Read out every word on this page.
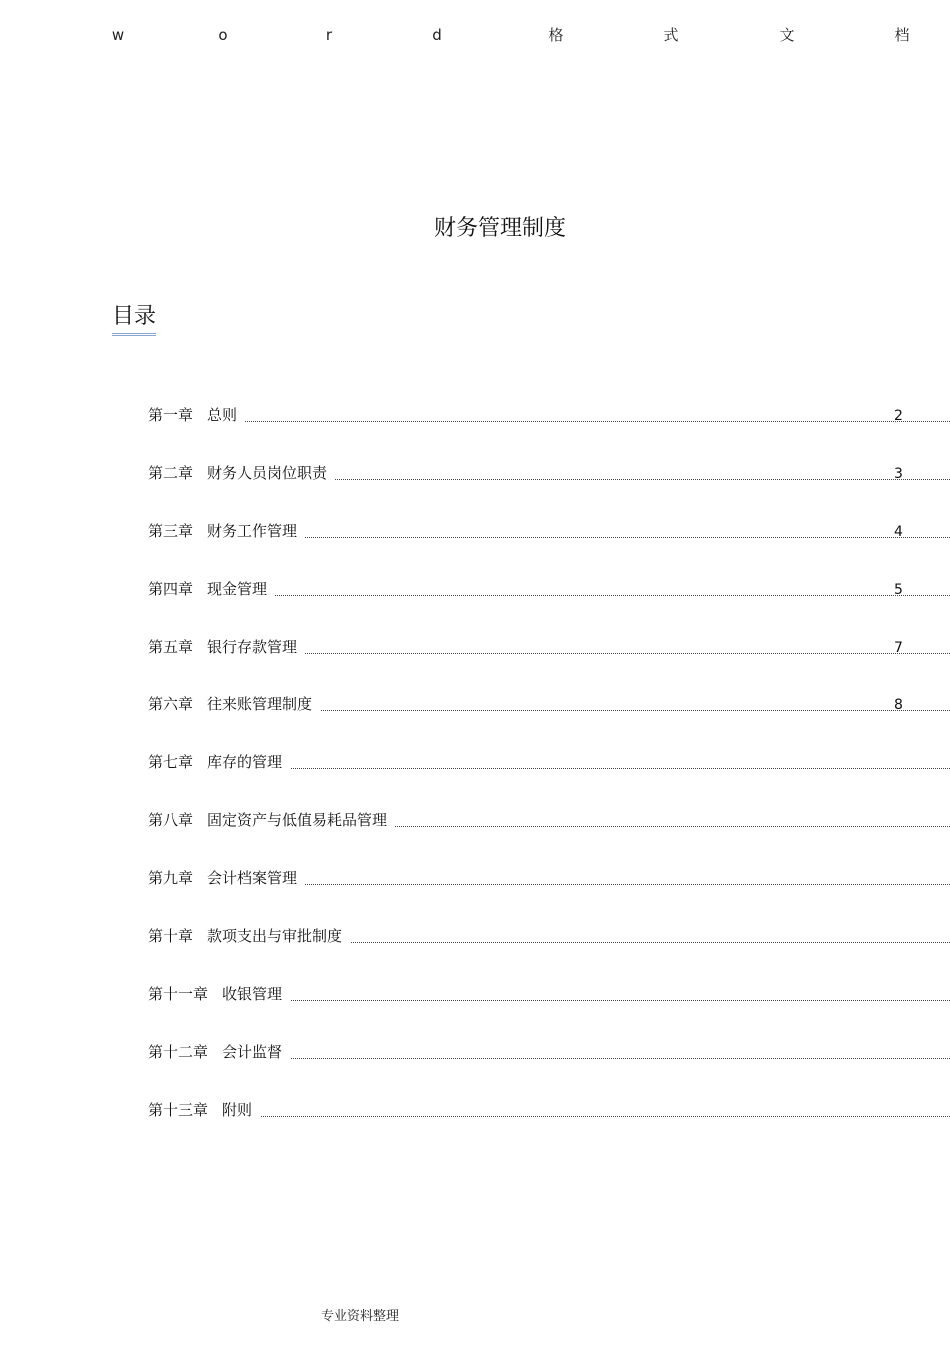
w	o	r	d	格	式	文	档
财务管理制度
目录
第一章 总则	2
第二章 财务人员岗位职责	3
第三章 财务工作管理	4
第四章 现金管理	5
第五章 银行存款管理	7
第六章 往来账管理制度	8
第七章 库存的管理
第八章 固定资产与低值易耗品管理
第九章 会计档案管理
第十章 款项支出与审批制度
第十一章 收银管理
第十二章 会计监督
第十三章 附则
专业资料整理
